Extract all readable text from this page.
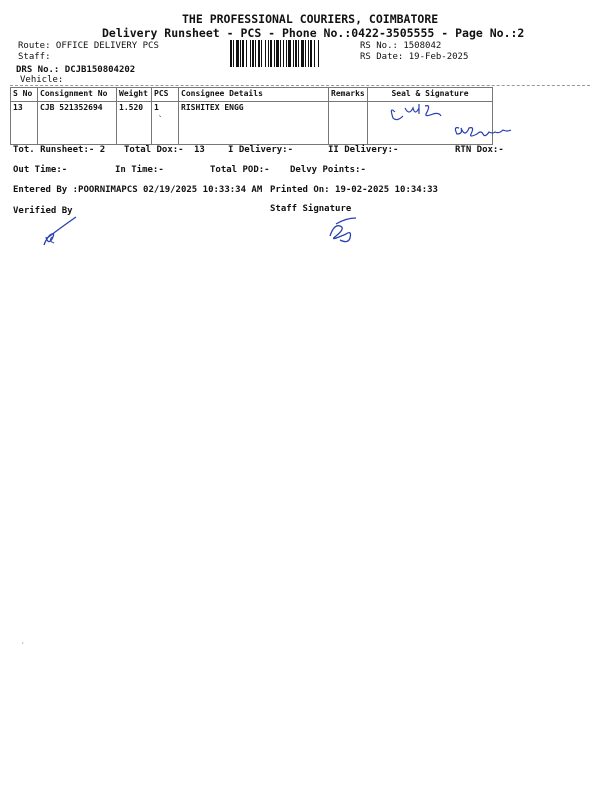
THE PROFESSIONAL COURIERS, COIMBATORE
Delivery Runsheet - PCS - Phone No.:0422-3505555 - Page No.:2
Route: OFFICE DELIVERY PCS
Staff:
DRS No.: DCJB150804202
Vehicle:
RS No.: 1508042
RS Date: 19-Feb-2025
S No	Consignment No	Weight	PCS	Consignee Details	Remarks	Seal & Signature
13	CJB 521352694	1.520	1	RISHITEX ENGG		
`
Tot. Runsheet:- 2 Total Dox:- 13	I Delivery:-	II Delivery:-	RTN Dox:-
Out Time:-	In Time:-	Total POD:- Delvy Points:-
Entered By :POORNIMAPCS 02/19/2025 10:33:34 AM Printed On: 19-02-2025 10:34:33
Verified By	Staff Signature
·
